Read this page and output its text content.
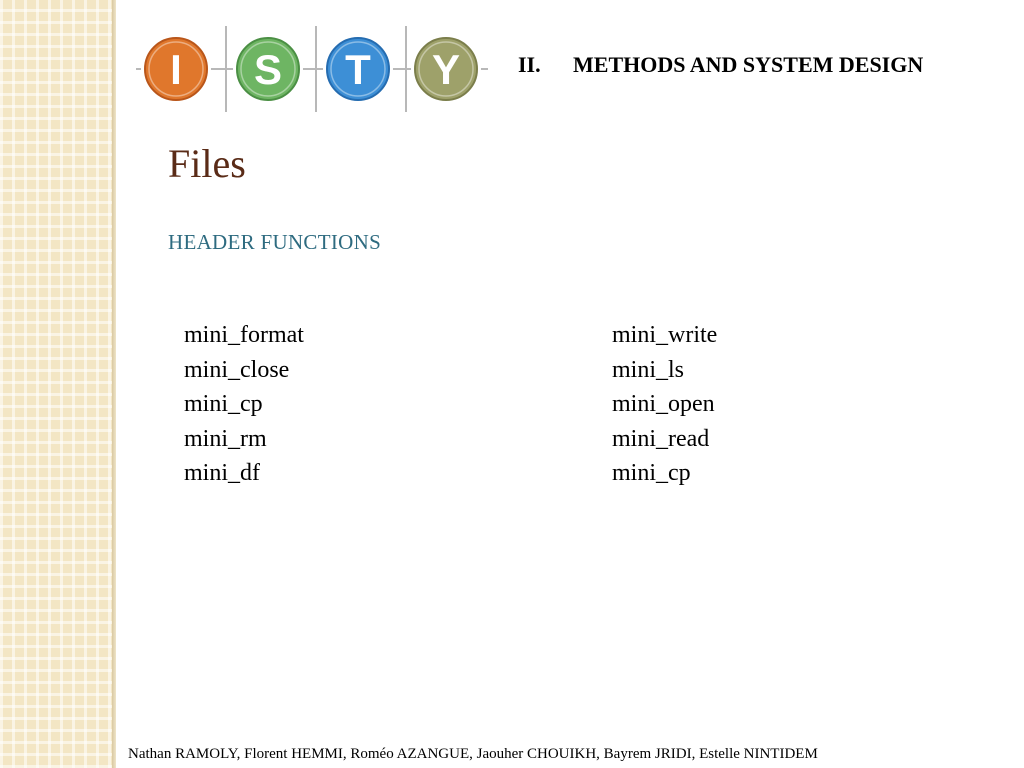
I S T Y	II. METHODS AND SYSTEM DESIGN
Files
HEADER FUNCTIONS
mini_format
mini_close
mini_cp
mini_rm
mini_df
mini_write
mini_ls
mini_open
mini_read
mini_cp
Nathan RAMOLY, Florent HEMMI, Roméo AZANGUE, Jaouher CHOUIKH, Bayrem JRIDI, Estelle NINTIDEM
